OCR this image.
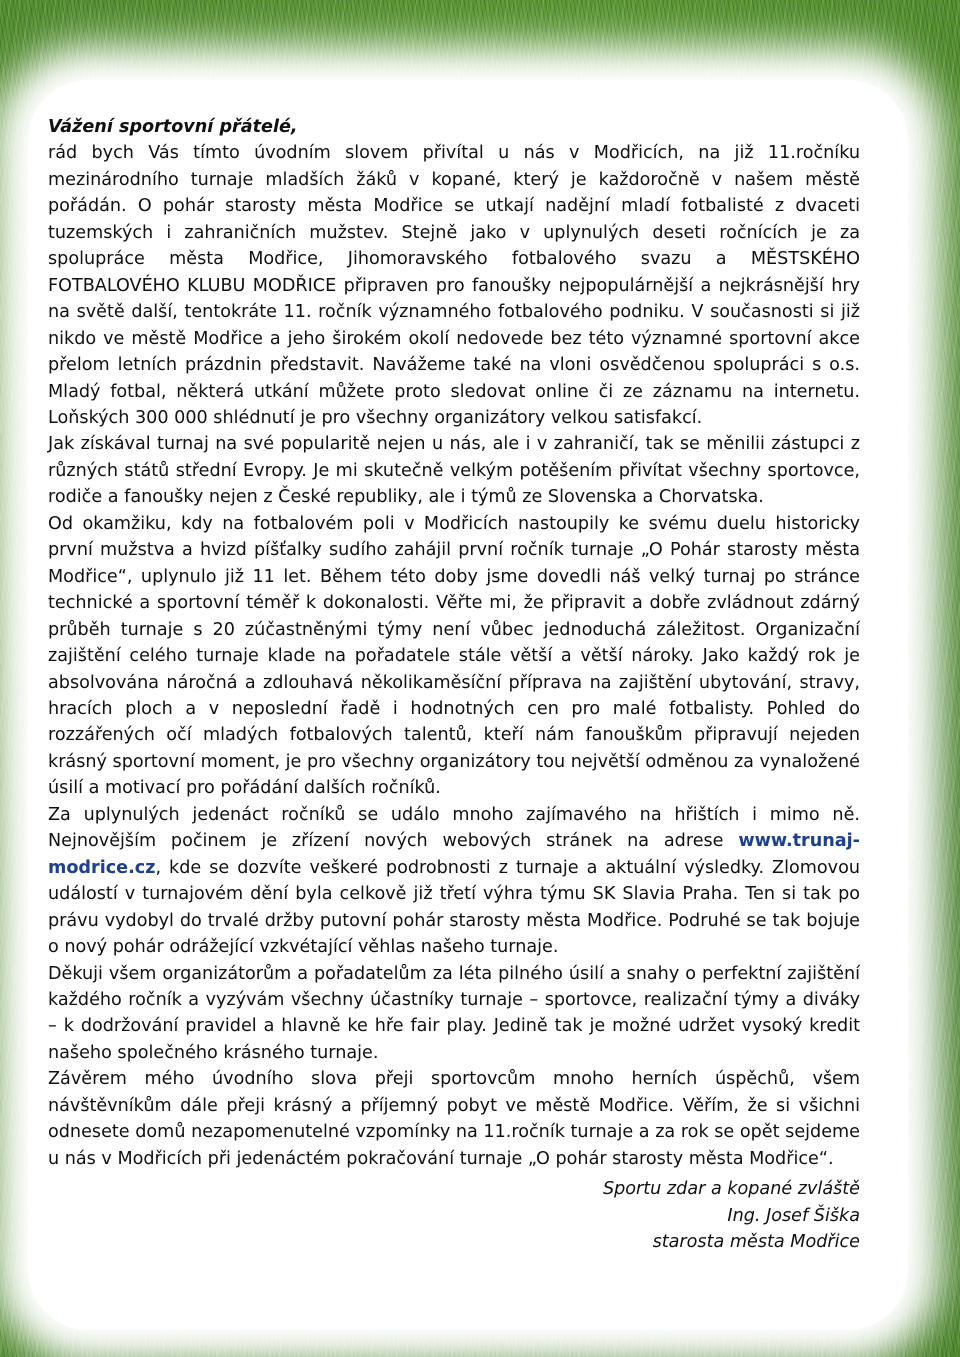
Vážení sportovní přátelé,

rád bych Vás tímto úvodním slovem přivítal u nás v Modřicích, na již 11.ročníku mezinárodního turnaje mladších žáků v kopané, který je každoročně v našem městě pořádán. O pohár starosty města Modřice se utkají nadějní mladí fotbalisté z dvaceti tuzemských i zahraničních mužstev. Stejně jako v uplynulých deseti ročnících je za spolupráce města Modřice, Jihomoravského fotbalového svazu a MĚSTSKÉHO FOTBALOVÉHO KLUBU MODŘICE připraven pro fanoušky nejpopulárnější a nejkrásnější hry na světě další, tentokráte 11. ročník významného fotbalového podniku. V současnosti si již nikdo ve městě Modřice a jeho širokém okolí nedovede bez této významné sportovní akce přelom letních prázdnin představit. Navážeme také na vloni osvědčenou spolupráci s o.s. Mladý fotbal, některá utkání můžete proto sledovat online či ze záznamu na internetu. Loňských 300 000 shlédnutí je pro všechny organizátory velkou satisfakcí.

Jak získával turnaj na své popularitě nejen u nás, ale i v zahraničí, tak se měnilii zástupci z různých států střední Evropy. Je mi skutečně velkým potěšením přivítat všechny sportovce, rodiče a fanoušky nejen z České republiky, ale i týmů ze Slovenska a Chorvatska.

Od okamžiku, kdy na fotbalovém poli v Modřicích nastoupily ke svému duelu historicky první mužstva a hvizd píšťalky sudího zahájil první ročník turnaje „O Pohár starosty města Modřice“, uplynulo již 11 let. Během této doby jsme dovedli náš velký turnaj po stránce technické a sportovní téměř k dokonalosti. Věřte mi, že připravit a dobře zvládnout zdárný průběh turnaje s 20 zúčastněnými týmy není vůbec jednoduchá záležitost. Organizační zajištění celého turnaje klade na pořadatele stále větší a větší nároky. Jako každý rok je absolvována náročná a zdlouhavá několikaměsíční příprava na zajištění ubytování, stravy, hracích ploch a v neposlední řadě i hodnotných cen pro malé fotbalisty. Pohled do rozzářených očí mladých fotbalových talentů, kteří nám fanouškům připravují nejeden krásný sportovní moment, je pro všechny organizátory tou největší odměnou za vynaložené úsilí a motivací pro pořádání dalších ročníků.

Za uplynulých jedenáct ročníků se událo mnoho zajímavého na hřištích i mimo ně. Nejnovějším počinem je zřízení nových webových stránek na adrese www.trunaj-modrice.cz, kde se dozvíte veškeré podrobnosti z turnaje a aktuální výsledky. Zlomovou událostí v turnajovém dění byla celkově již třetí výhra týmu SK Slavia Praha. Ten si tak po právu vydobyl do trvalé držby putovní pohár starosty města Modřice. Podruhé se tak bojuje o nový pohár odrážející vzkvétající věhlas našeho turnaje.

Děkuji všem organizátorům a pořadatelům za léta pilného úsilí a snahy o perfektní zajištění každého ročník a vyzývám všechny účastníky turnaje – sportovce, realizační týmy a diváky – k dodržování pravidel a hlavně ke hře fair play. Jedině tak je možné udržet vysoký kredit našeho společného krásného turnaje.

Závěrem mého úvodního slova přeji sportovcům mnoho herních úspěchů, všem návštěvníkům dále přeji krásný a příjemný pobyt ve městě Modřice. Věřím, že si všichni odnesete domů nezapomenutelné vzpomínky na 11.ročník turnaje a za rok se opět sejdeme u nás v Modřicích při jedenáctém pokračování turnaje „O pohár starosty města Modřice“.

Sportu zdar a kopané zvláště
Ing. Josef Šiška
starosta města Modřice
